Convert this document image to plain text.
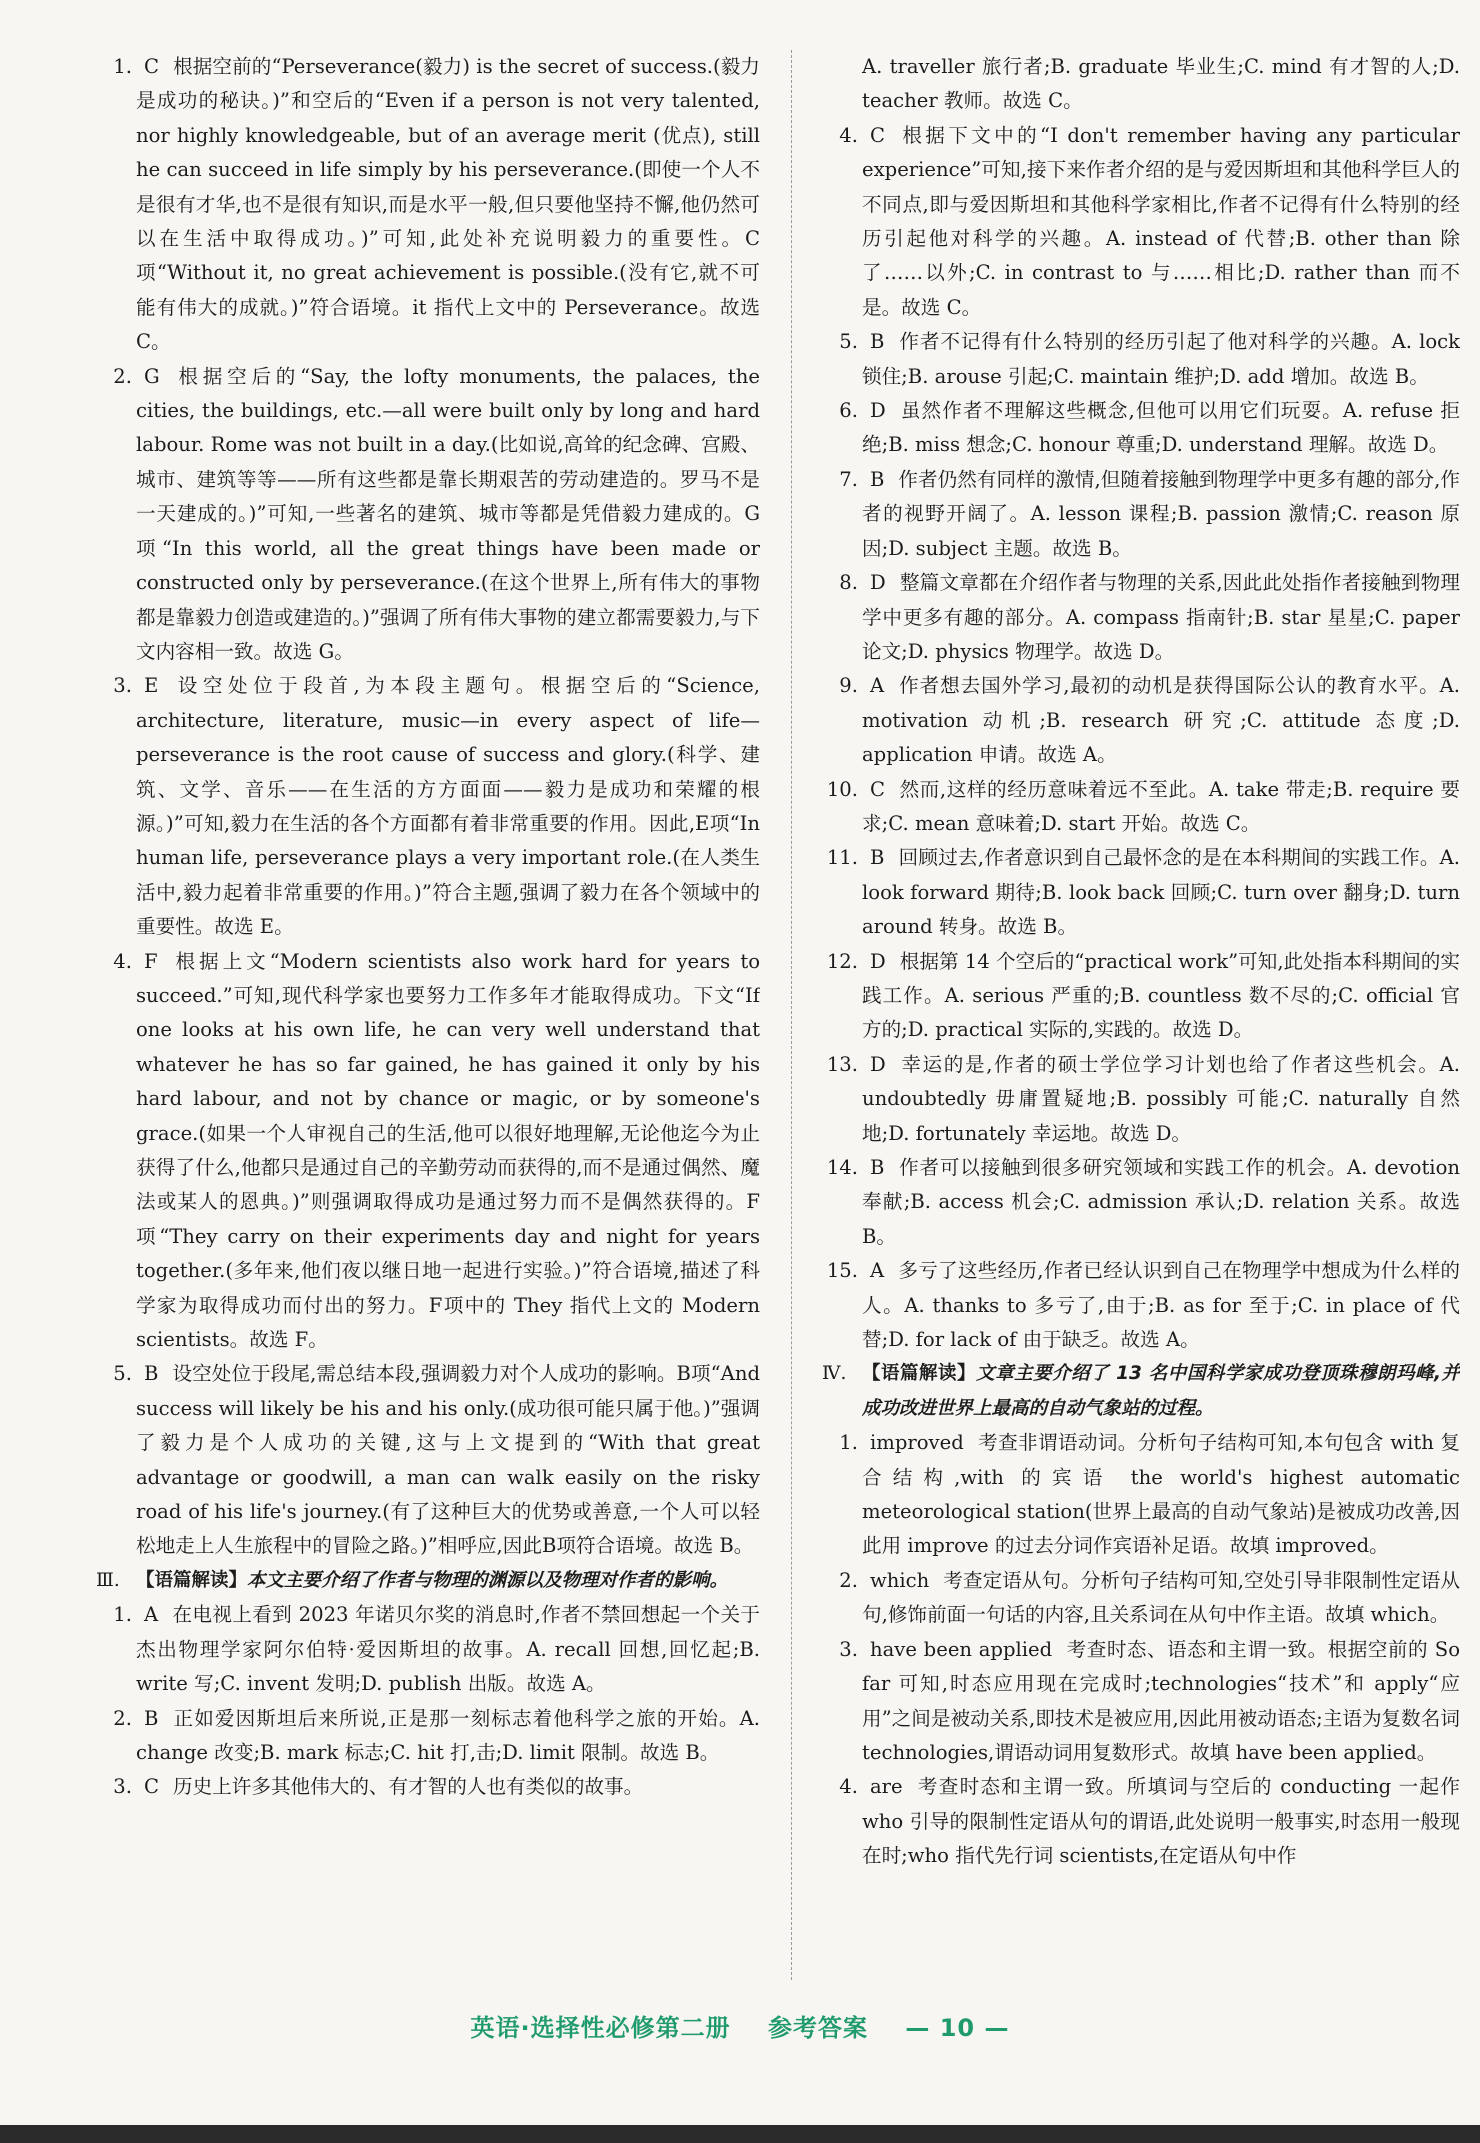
1. C 根据空前的“Perseverance(毅力) is the secret of success.(毅力是成功的秘诀。)”和空后的“Even if a person is not very talented, nor highly knowledgeable, but of an average merit (优点), still he can succeed in life simply by his perseverance.(即使一个人不是很有才华,也不是很有知识,而是水平一般,但只要他坚持不懈,他仍然可以在生活中取得成功。)”可知,此处补充说明毅力的重要性。C项“Without it, no great achievement is possible.(没有它,就不可能有伟大的成就。)”符合语境。it 指代上文中的 Perseverance。故选 C。

2. G 根据空后的“Say, the lofty monuments, the palaces, the cities, the buildings, etc.—all were built only by long and hard labour. Rome was not built in a day.(比如说,高耸的纪念碑、宫殿、城市、建筑等等——所有这些都是靠长期艰苦的劳动建造的。罗马不是一天建成的。)”可知,一些著名的建筑、城市等都是凭借毅力建成的。G项“In this world, all the great things have been made or constructed only by perseverance.(在这个世界上,所有伟大的事物都是靠毅力创造或建造的。)”强调了所有伟大事物的建立都需要毅力,与下文内容相一致。故选 G。

3. E 设空处位于段首,为本段主题句。根据空后的“Science, architecture, literature, music—in every aspect of life—perseverance is the root cause of success and glory.(科学、建筑、文学、音乐——在生活的方方面面——毅力是成功和荣耀的根源。)”可知,毅力在生活的各个方面都有着非常重要的作用。因此,E项“In human life, perseverance plays a very important role.(在人类生活中,毅力起着非常重要的作用。)”符合主题,强调了毅力在各个领域中的重要性。故选 E。

4. F 根据上文“Modern scientists also work hard for years to succeed.”可知,现代科学家也要努力工作多年才能取得成功。下文“If one looks at his own life, he can very well understand that whatever he has so far gained, he has gained it only by his hard labour, and not by chance or magic, or by someone's grace.(如果一个人审视自己的生活,他可以很好地理解,无论他迄今为止获得了什么,他都只是通过自己的辛勤劳动而获得的,而不是通过偶然、魔法或某人的恩典。)”则强调取得成功是通过努力而不是偶然获得的。F项“They carry on their experiments day and night for years together.(多年来,他们夜以继日地一起进行实验。)”符合语境,描述了科学家为取得成功而付出的努力。F项中的 They 指代上文的 Modern scientists。故选 F。

5. B 设空处位于段尾,需总结本段,强调毅力对个人成功的影响。B项“And success will likely be his and his only.(成功很可能只属于他。)”强调了毅力是个人成功的关键,这与上文提到的“With that great advantage or goodwill, a man can walk easily on the risky road of his life's journey.(有了这种巨大的优势或善意,一个人可以轻松地走上人生旅程中的冒险之路。)”相呼应,因此B项符合语境。故选 B。

Ⅲ. 【语篇解读】本文主要介绍了作者与物理的渊源以及物理对作者的影响。

1. A 在电视上看到 2023 年诺贝尔奖的消息时,作者不禁回想起一个关于杰出物理学家阿尔伯特·爱因斯坦的故事。A. recall 回想,回忆起;B. write 写;C. invent 发明;D. publish 出版。故选 A。

2. B 正如爱因斯坦后来所说,正是那一刻标志着他科学之旅的开始。A. change 改变;B. mark 标志;C. hit 打,击;D. limit 限制。故选 B。

3. C 历史上许多其他伟大的、有才智的人也有类似的故事。

A. traveller 旅行者;B. graduate 毕业生;C. mind 有才智的人;D. teacher 教师。故选 C。

4. C 根据下文中的“I don't remember having any particular experience”可知,接下来作者介绍的是与爱因斯坦和其他科学巨人的不同点,即与爱因斯坦和其他科学家相比,作者不记得有什么特别的经历引起他对科学的兴趣。A. instead of 代替;B. other than 除了……以外;C. in contrast to 与……相比;D. rather than 而不是。故选 C。

5. B 作者不记得有什么特别的经历引起了他对科学的兴趣。A. lock 锁住;B. arouse 引起;C. maintain 维护;D. add 增加。故选 B。

6. D 虽然作者不理解这些概念,但他可以用它们玩耍。A. refuse 拒绝;B. miss 想念;C. honour 尊重;D. understand 理解。故选 D。

7. B 作者仍然有同样的激情,但随着接触到物理学中更多有趣的部分,作者的视野开阔了。A. lesson 课程;B. passion 激情;C. reason 原因;D. subject 主题。故选 B。

8. D 整篇文章都在介绍作者与物理的关系,因此此处指作者接触到物理学中更多有趣的部分。A. compass 指南针;B. star 星星;C. paper 论文;D. physics 物理学。故选 D。

9. A 作者想去国外学习,最初的动机是获得国际公认的教育水平。A. motivation 动机;B. research 研究;C. attitude 态度;D. application 申请。故选 A。

10. C 然而,这样的经历意味着远不至此。A. take 带走;B. require 要求;C. mean 意味着;D. start 开始。故选 C。

11. B 回顾过去,作者意识到自己最怀念的是在本科期间的实践工作。A. look forward 期待;B. look back 回顾;C. turn over 翻身;D. turn around 转身。故选 B。

12. D 根据第 14 个空后的“practical work”可知,此处指本科期间的实践工作。A. serious 严重的;B. countless 数不尽的;C. official 官方的;D. practical 实际的,实践的。故选 D。

13. D 幸运的是,作者的硕士学位学习计划也给了作者这些机会。A. undoubtedly 毋庸置疑地;B. possibly 可能;C. naturally 自然地;D. fortunately 幸运地。故选 D。

14. B 作者可以接触到很多研究领域和实践工作的机会。A. devotion 奉献;B. access 机会;C. admission 承认;D. relation 关系。故选 B。

15. A 多亏了这些经历,作者已经认识到自己在物理学中想成为什么样的人。A. thanks to 多亏了,由于;B. as for 至于;C. in place of 代替;D. for lack of 由于缺乏。故选 A。

Ⅳ. 【语篇解读】文章主要介绍了 13 名中国科学家成功登顶珠穆朗玛峰,并成功改进世界上最高的自动气象站的过程。

1. improved 考查非谓语动词。分析句子结构可知,本句包含 with 复合结构,with 的宾语 the world's highest automatic meteorological station(世界上最高的自动气象站)是被成功改善,因此用 improve 的过去分词作宾语补足语。故填 improved。

2. which 考查定语从句。分析句子结构可知,空处引导非限制性定语从句,修饰前面一句话的内容,且关系词在从句中作主语。故填 which。

3. have been applied 考查时态、语态和主谓一致。根据空前的 So far 可知,时态应用现在完成时;technologies“技术”和 apply“应用”之间是被动关系,即技术是被应用,因此用被动语态;主语为复数名词 technologies,谓语动词用复数形式。故填 have been applied。

4. are 考查时态和主谓一致。所填词与空后的 conducting 一起作 who 引导的限制性定语从句的谓语,此处说明一般事实,时态用一般现在时;who 指代先行词 scientists,在定语从句中作

英语·选择性必修第二册 参考答案 — 10 —
